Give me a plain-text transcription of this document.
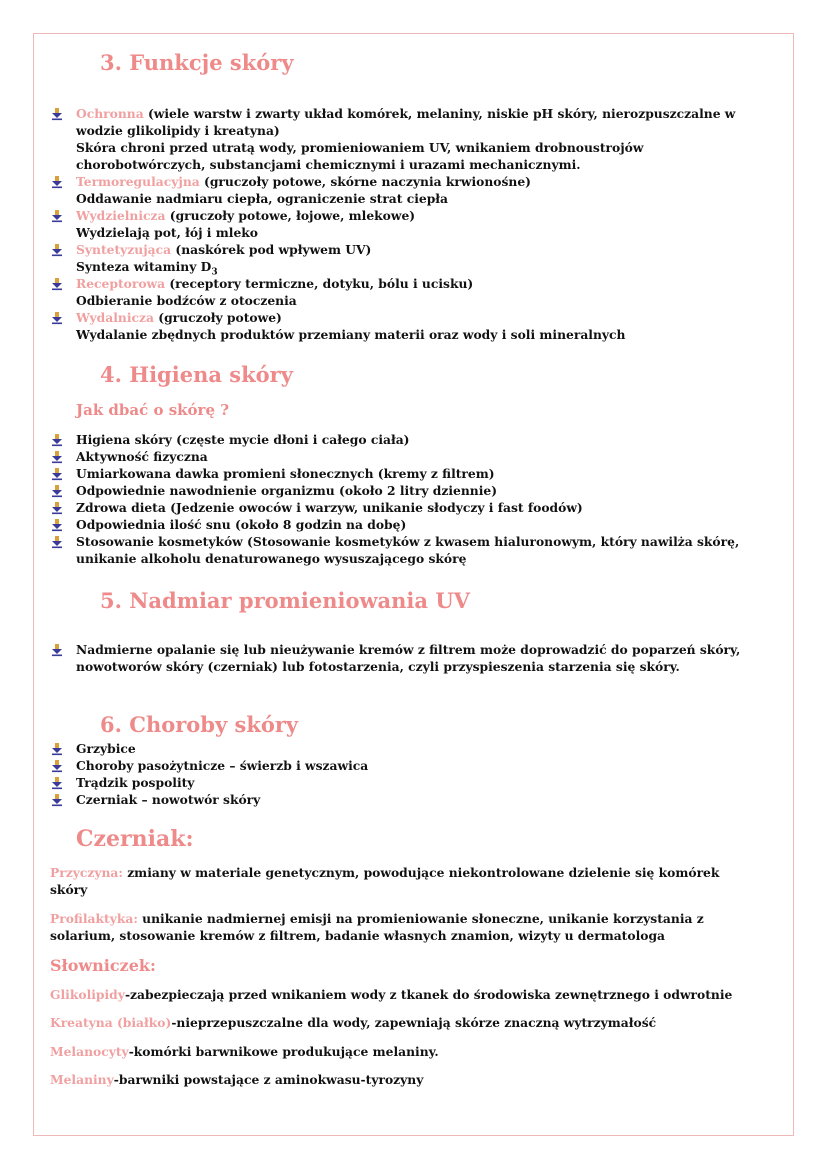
3. Funkcje skóry
Ochronna (wiele warstw i zwarty układ komórek, melaniny, niskie pH skóry, nierozpuszczalne w
wodzie glikolipidy i kreatyna)
Skóra chroni przed utratą wody, promieniowaniem UV, wnikaniem drobnoustrojów
chorobotwórczych, substancjami chemicznymi i urazami mechanicznymi.
Termoregulacyjna (gruczoły potowe, skórne naczynia krwionośne)
Oddawanie nadmiaru ciepła, ograniczenie strat ciepła
Wydzielnicza (gruczoły potowe, łojowe, mlekowe)
Wydzielają pot, łój i mleko
Syntetyzująca (naskórek pod wpływem UV)
Synteza witaminy $D_3$
Receptorowa (receptory termiczne, dotyku, bólu i ucisku)
Odbieranie bodźców z otoczenia
Wydalnicza (gruczoły potowe)
Wydalanie zbędnych produktów przemiany materii oraz wody i soli mineralnych
4. Higiena skóry
Jak dbać o skórę ?
Higiena skóry (częste mycie dłoni i całego ciała)
Aktywność fizyczna
Umiarkowana dawka promieni słonecznych (kremy z filtrem)
Odpowiednie nawodnienie organizmu (około 2 litry dziennie)
Zdrowa dieta (Jedzenie owoców i warzyw, unikanie słodyczy i fast foodów)
Odpowiednia ilość snu (około 8 godzin na dobę)
Stosowanie kosmetyków (Stosowanie kosmetyków z kwasem hialuronowym, który nawilża skórę,
unikanie alkoholu denaturowanego wysuszającego skórę
5. Nadmiar promieniowania UV
Nadmierne opalanie się lub nieużywanie kremów z filtrem może doprowadzić do poparzeń skóry,
nowotworów skóry (czerniak) lub fotostarzenia, czyli przyspieszenia starzenia się skóry.
6. Choroby skóry
Grzybice
Choroby pasożytnicze – świerzb i wszawica
Trądzik pospolity
Czerniak – nowotwór skóry
Czerniak:
Przyczyna: zmiany w materiale genetycznym, powodujące niekontrolowane dzielenie się komórek
skóry
Profilaktyka: unikanie nadmiernej emisji na promieniowanie słoneczne, unikanie korzystania z
solarium, stosowanie kremów z filtrem, badanie własnych znamion, wizyty u dermatologa
Słowniczek:
Glikolipidy-zabezpieczają przed wnikaniem wody z tkanek do środowiska zewnętrznego i odwrotnie
Kreatyna (białko)-nieprzepuszczalne dla wody, zapewniają skórze znaczną wytrzymałość
Melanocyty-komórki barwnikowe produkujące melaniny.
Melaniny-barwniki powstające z aminokwasu-tyrozyny
